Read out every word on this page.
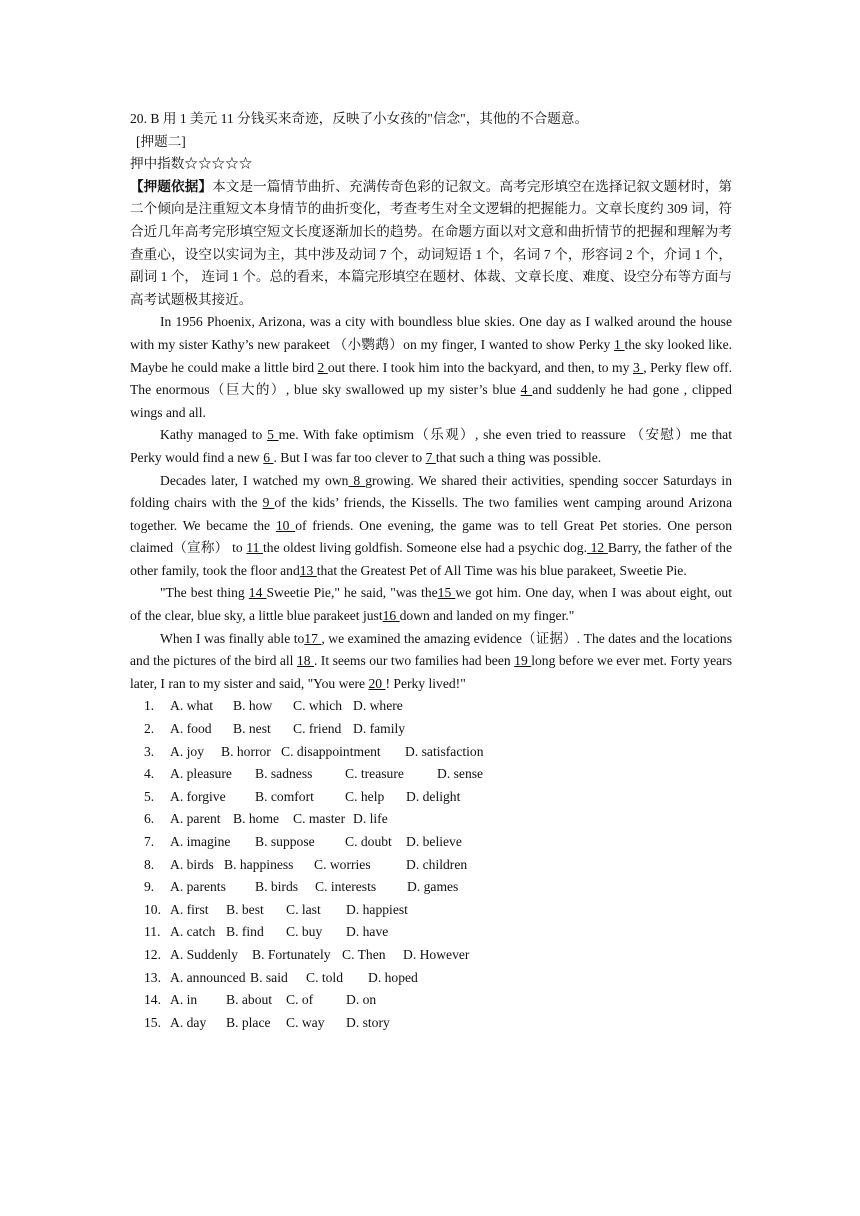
20. B 用 1 美元 11 分钱买来奇迹，反映了小女孩的"信念"，其他的不合题意。
[押题二]
押中指数☆☆☆☆☆

【押题依据】本文是一篇情节曲折、充满传奇色彩的记叙文。高考完形填空在选择记叙文题材时，第二个倾向是注重短文本身情节的曲折变化，考查考生对全文逻辑的把握能力。文章长度约 309 词，符合近几年高考完形填空短文长度逐渐加长的趋势。在命题方面以对文意和曲折情节的把握和理解为考查重心，设空以实词为主，其中涉及动词 7 个，动词短语 1 个，名词 7 个，形容词 2 个，介词 1 个，副词 1 个， 连词 1 个。总的看来，本篇完形填空在题材、体裁、文章长度、难度、设空分布等方面与高考试题极其接近。

In 1956 Phoenix, Arizona, was a city with boundless blue skies. One day as I walked around the house with my sister Kathy’s new parakeet （小鹦鹉）on my finger, I wanted to show Perky 1 the sky looked like. Maybe he could make a little bird 2 out there. I took him into the backyard, and then, to my 3 , Perky flew off. The enormous（巨大的）, blue sky swallowed up my sister’s blue 4 and suddenly he had gone , clipped wings and all.

Kathy managed to 5 me. With fake optimism（乐观）, she even tried to reassure （安慰）me that Perky would find a new 6 . But I was far too clever to 7 that such a thing was possible.

Decades later, I watched my own 8 growing. We shared their activities, spending soccer Saturdays in folding chairs with the 9 of the kids’ friends, the Kissells. The two families went camping around Arizona together. We became the 10 of friends. One evening, the game was to tell Great Pet stories. One person claimed（宣称） to 11 the oldest living goldfish. Someone else had a psychic dog. 12 Barry, the father of the other family, took the floor and13 that the Greatest Pet of All Time was his blue parakeet, Sweetie Pie.

"The best thing 14 Sweetie Pie," he said, "was the15 we got him. One day, when I was about eight, out of the clear, blue sky, a little blue parakeet just16 down and landed on my finger."

When I was finally able to17 , we examined the amazing evidence（证据）. The dates and the locations and the pictures of the bird all 18 . It seems our two families had been 19 long before we ever met. Forty years later, I ran to my sister and said, "You were 20 ! Perky lived!"

1. A. what B. how C. which D. where
2. A. food B. nest C. friend D. family
3. A. joy B. horror C. disappointment D. satisfaction
4. A. pleasure B. sadness C. treasure D. sense
5. A. forgive B. comfort C. help D. delight
6. A. parent B. home C. master D. life
7. A. imagine B. suppose C. doubt D. believe
8. A. birds B. happiness C. worries	D. children
9. A. parents B. birds C. interests D. games
10. A. first B. best C. last D. happiest
11. A. catch B. find C. buy D. have
12. A. Suddenly B. Fortunately C. Then D. However
13. A. announced B. said C. told D. hoped
14. A. in B. about C. of D. on
15. A. day B. place C. way D. story
